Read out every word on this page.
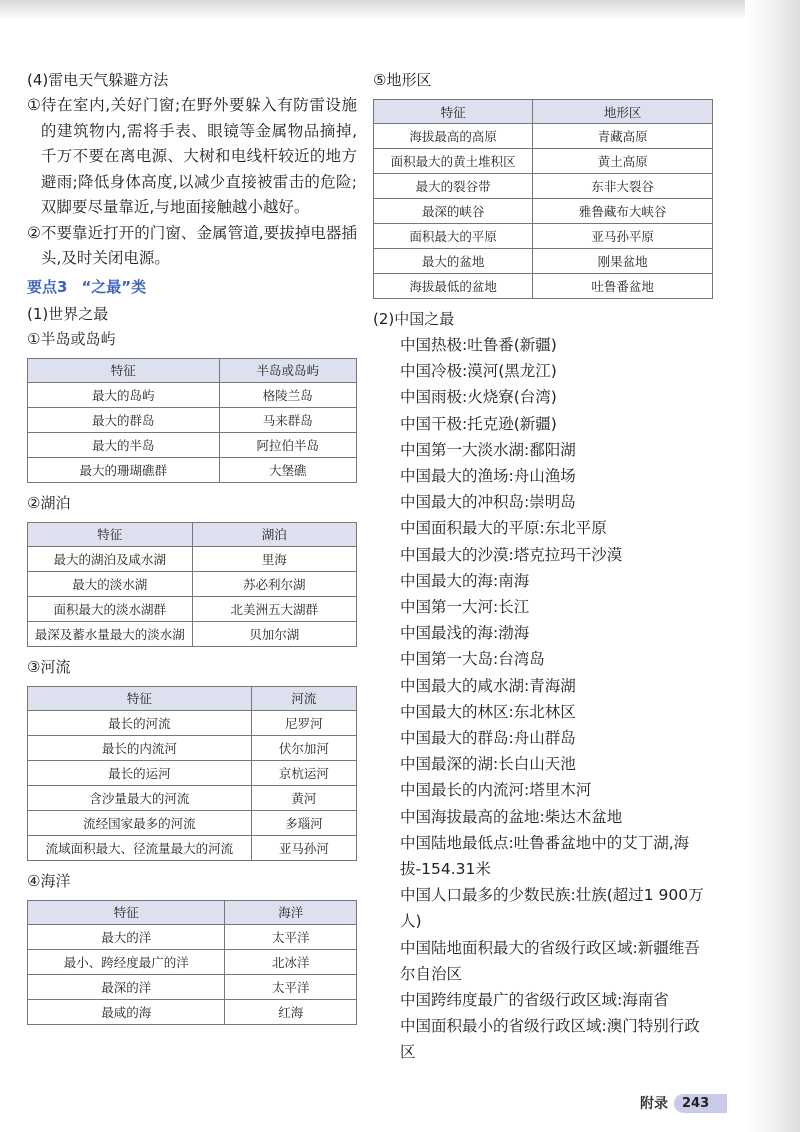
(4)雷电天气躲避方法
① 待在室内,关好门窗;在野外要躲入有防雷设施的建筑物内,需将手表、眼镜等金属物品摘掉,千万不要在离电源、大树和电线杆较近的地方避雨;降低身体高度,以减少直接被雷击的危险;双脚要尽量靠近,与地面接触越小越好。
② 不要靠近打开的门窗、金属管道,要拔掉电器插头,及时关闭电源。
要点3 “之最”类
(1)世界之最
①半岛或岛屿
特征	半岛或岛屿
最大的岛屿	格陵兰岛
最大的群岛	马来群岛
最大的半岛	阿拉伯半岛
最大的珊瑚礁群	大堡礁
②湖泊
特征	湖泊
最大的湖泊及咸水湖	里海
最大的淡水湖	苏必利尔湖
面积最大的淡水湖群	北美洲五大湖群
最深及蓄水量最大的淡水湖	贝加尔湖
③河流
特征	河流
最长的河流	尼罗河
最长的内流河	伏尔加河
最长的运河	京杭运河
含沙量最大的河流	黄河
流经国家最多的河流	多瑙河
流域面积最大、径流量最大的河流	亚马孙河
④海洋
特征	海洋
最大的洋	太平洋
最小、跨经度最广的洋	北冰洋
最深的洋	太平洋
最咸的海	红海
⑤地形区
特征	地形区
海拔最高的高原	青藏高原
面积最大的黄土堆积区	黄土高原
最大的裂谷带	东非大裂谷
最深的峡谷	雅鲁藏布大峡谷
面积最大的平原	亚马孙平原
最大的盆地	刚果盆地
海拔最低的盆地	吐鲁番盆地
(2)中国之最
中国热极:吐鲁番(新疆)
中国冷极:漠河(黑龙江)
中国雨极:火烧寮(台湾)
中国干极:托克逊(新疆)
中国第一大淡水湖:鄱阳湖
中国最大的渔场:舟山渔场
中国最大的冲积岛:崇明岛
中国面积最大的平原:东北平原
中国最大的沙漠:塔克拉玛干沙漠
中国最大的海:南海
中国第一大河:长江
中国最浅的海:渤海
中国第一大岛:台湾岛
中国最大的咸水湖:青海湖
中国最大的林区:东北林区
中国最大的群岛:舟山群岛
中国最深的湖:长白山天池
中国最长的内流河:塔里木河
中国海拔最高的盆地:柴达木盆地
中国陆地最低点:吐鲁番盆地中的艾丁湖,海拔-154.31米
中国人口最多的少数民族:壮族(超过1 900万人)
中国陆地面积最大的省级行政区域:新疆维吾尔自治区
中国跨纬度最广的省级行政区域:海南省
中国面积最小的省级行政区域:澳门特别行政区
附录	243
